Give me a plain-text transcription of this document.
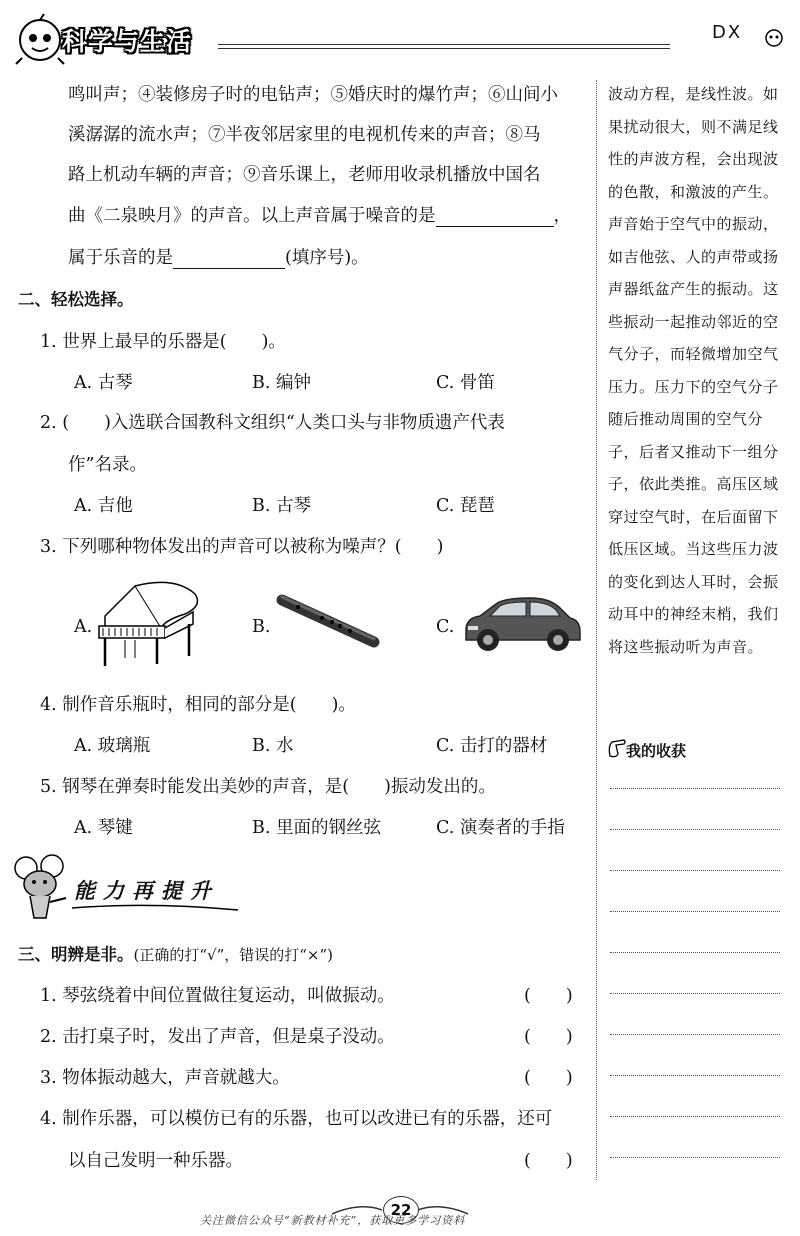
科学与生活	DX
鸣叫声；④装修房子时的电钻声；⑤婚庆时的爆竹声；⑥山间小
溪潺潺的流水声；⑦半夜邻居家里的电视机传来的声音；⑧马
路上机动车辆的声音；⑨音乐课上，老师用收录机播放中国名
曲《二泉映月》的声音。以上声音属于噪音的是	，
属于乐音的是	(填序号)。
二、轻松选择。
1. 世界上最早的乐器是(　　)。
A. 古琴	B. 编钟	C. 骨笛
2. (　　)入选联合国教科文组织“人类口头与非物质遗产代表
作”名录。
A. 吉他	B. 古琴	C. 琵琶
3. 下列哪种物体发出的声音可以被称为噪声？(　　)
A.	B.	C.
4. 制作音乐瓶时，相同的部分是(　　)。
A. 玻璃瓶	B. 水	C. 击打的器材
5. 钢琴在弹奏时能发出美妙的声音，是(　　)振动发出的。
A. 琴键	B. 里面的钢丝弦	C. 演奏者的手指
能力再提升
三、明辨是非。(正确的打“√”，错误的打“×”)
1. 琴弦绕着中间位置做往复运动，叫做振动。	(　　)
2. 击打桌子时，发出了声音，但是桌子没动。	(　　)
3. 物体振动越大，声音就越大。	(　　)
4. 制作乐器，可以模仿已有的乐器，也可以改进已有的乐器，还可
以自己发明一种乐器。	(　　)
波动方程，是线性波。如果扰动很大，则不满足线性的声波方程，会出现波的色散，和激波的产生。声音始于空气中的振动，如吉他弦、人的声带或扬声器纸盆产生的振动。这些振动一起推动邻近的空气分子，而轻微增加空气压力。压力下的空气分子随后推动周围的空气分子，后者又推动下一组分子，依此类推。高压区域穿过空气时，在后面留下低压区域。当这些压力波的变化到达人耳时，会振动耳中的神经末梢，我们将这些振动听为声音。
我的收获
22
关注微信公众号“新教材补充”，获取更多学习资料
